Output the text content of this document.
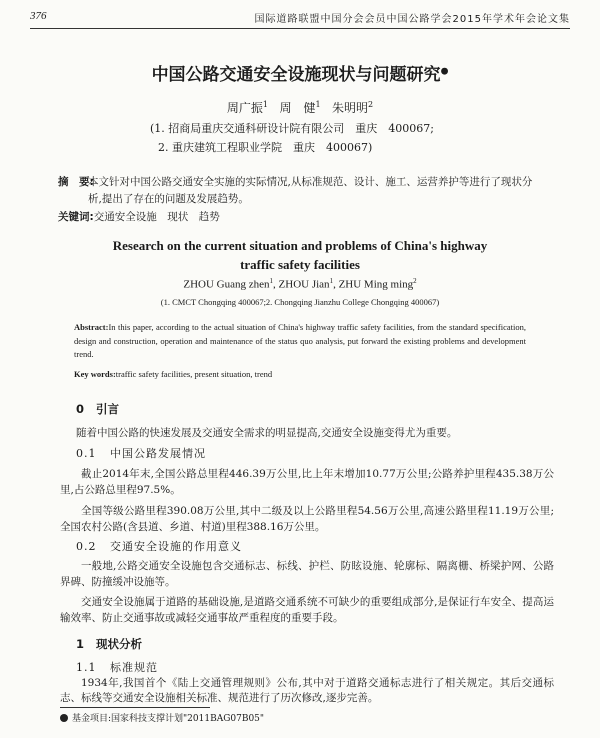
376	国际道路联盟中国分会会员中国公路学会2015年学术年会论文集
中国公路交通安全设施现状与问题研究●
周广振$^1$ 周　健$^1$ 朱明明$^2$
(1. 招商局重庆交通科研设计院有限公司　重庆　400067;
2. 重庆建筑工程职业学院　重庆　400067)
摘　要:
本文针对中国公路交通安全实施的实际情况,从标准规范、设计、施工、运营养护等进行了现状分析,提出了存在的问题及发展趋势。
关键词:交通安全设施　现状　趋势
Research on the current situation and problems of China's highway
traffic safety facilities
ZHOU Guang zhen$^1$, ZHOU Jian$^1$, ZHU Ming ming$^2$
(1. CMCT Chongqing 400067;2. Chongqing Jianzhu College Chongqing 400067)
Abstract:In this paper, according to the actual situation of China's highway traffic safety facilities, from the standard specification, design and construction, operation and maintenance of the status quo analysis, put forward the existing problems and development trend.
Key words:traffic safety facilities, present situation, trend
0 引言
随着中国公路的快速发展及交通安全需求的明显提高,交通安全设施变得尤为重要。
0.1 中国公路发展情况
截止2014年末,全国公路总里程446.39万公里,比上年末增加10.77万公里;公路养护里程435.38万公里,占公路总里程97.5%。
全国等级公路里程390.08万公里,其中二级及以上公路里程54.56万公里,高速公路里程11.19万公里;全国农村公路(含县道、乡道、村道)里程388.16万公里。
0.2 交通安全设施的作用意义
一般地,公路交通安全设施包含交通标志、标线、护栏、防眩设施、轮廓标、隔离栅、桥梁护网、公路界碑、防撞缓冲设施等。
交通安全设施属于道路的基础设施,是道路交通系统不可缺少的重要组成部分,是保证行车安全、提高运输效率、防止交通事故或减轻交通事故严重程度的重要手段。
1 现状分析
1.1 标准规范
1934年,我国首个《陆上交通管理规则》公布,其中对于道路交通标志进行了相关规定。其后交通标志、标线等交通安全设施相关标准、规范进行了历次修改,逐步完善。
基金项目:国家科技支撑计划"2011BAG07B05"
